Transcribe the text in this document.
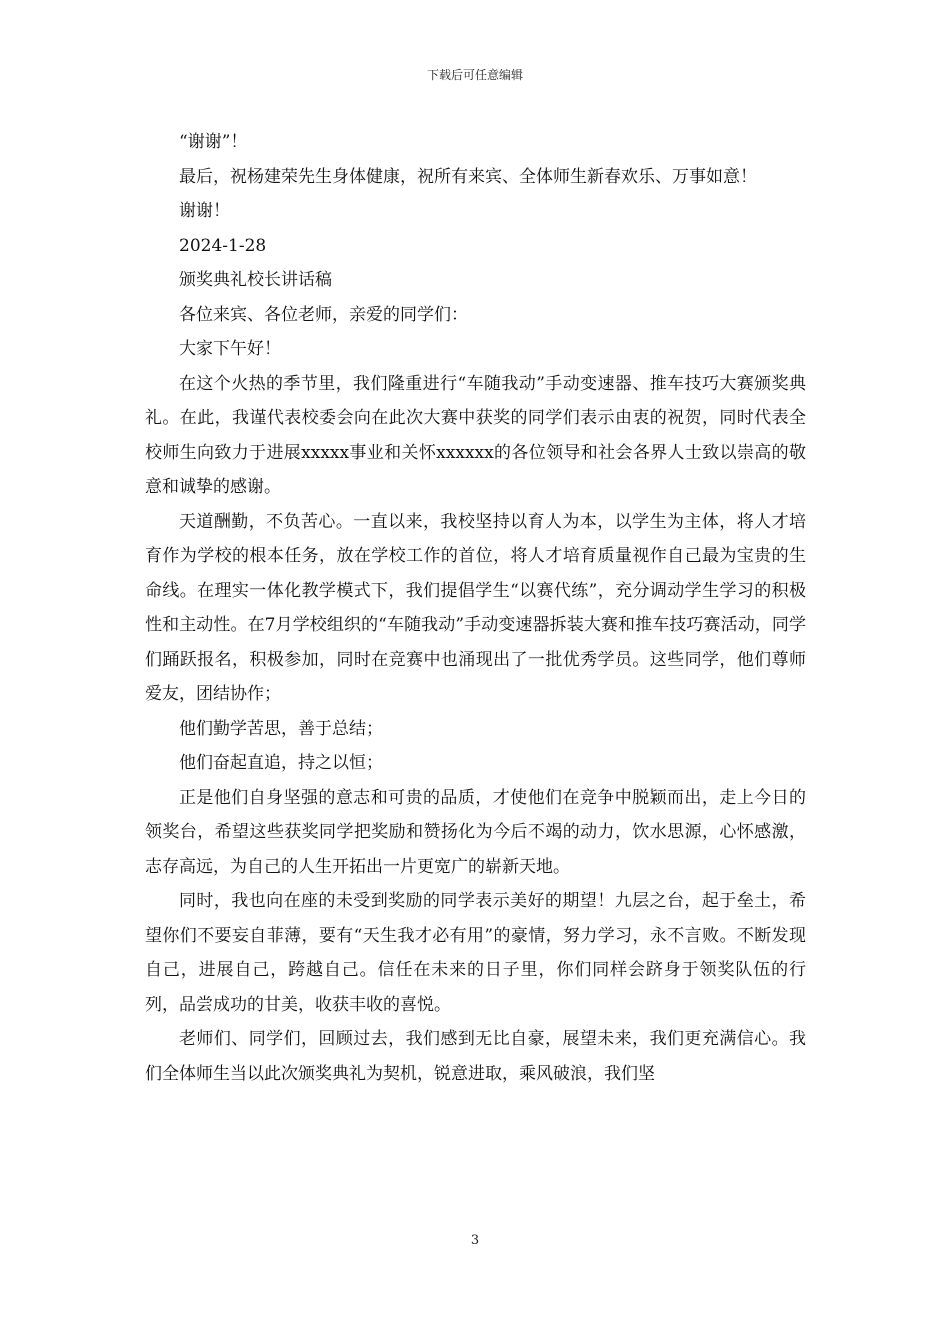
下载后可任意编辑

“谢谢”！

最后，祝杨建荣先生身体健康，祝所有来宾、全体师生新春欢乐、万事如意！

谢谢！

2024-1-28

颁奖典礼校长讲话稿

各位来宾、各位老师，亲爱的同学们：

大家下午好！

在这个火热的季节里，我们隆重进行“车随我动”手动变速器、推车技巧大赛颁奖典礼。在此，我谨代表校委会向在此次大赛中获奖的同学们表示由衷的祝贺，同时代表全校师生向致力于进展xxxxx事业和关怀xxxxxx的各位领导和社会各界人士致以崇高的敬意和诚挚的感谢。

天道酬勤，不负苦心。一直以来，我校坚持以育人为本，以学生为主体，将人才培育作为学校的根本任务，放在学校工作的首位，将人才培育质量视作自己最为宝贵的生命线。在理实一体化教学模式下，我们提倡学生“以赛代练”，充分调动学生学习的积极性和主动性。在7月学校组织的“车随我动”手动变速器拆装大赛和推车技巧赛活动，同学们踊跃报名，积极参加，同时在竞赛中也涌现出了一批优秀学员。这些同学，他们尊师爱友，团结协作；

他们勤学苦思，善于总结；

他们奋起直追，持之以恒；

正是他们自身坚强的意志和可贵的品质，才使他们在竞争中脱颖而出，走上今日的领奖台，希望这些获奖同学把奖励和赞扬化为今后不竭的动力，饮水思源，心怀感激，志存高远，为自己的人生开拓出一片更宽广的崭新天地。

同时，我也向在座的未受到奖励的同学表示美好的期望！九层之台，起于垒土，希望你们不要妄自菲薄，要有“天生我才必有用”的豪情，努力学习，永不言败。不断发现自己，进展自己，跨越自己。信任在未来的日子里，你们同样会跻身于领奖队伍的行列，品尝成功的甘美，收获丰收的喜悦。

老师们、同学们，回顾过去，我们感到无比自豪，展望未来，我们更充满信心。我们全体师生当以此次颁奖典礼为契机，锐意进取，乘风破浪，我们坚

3
